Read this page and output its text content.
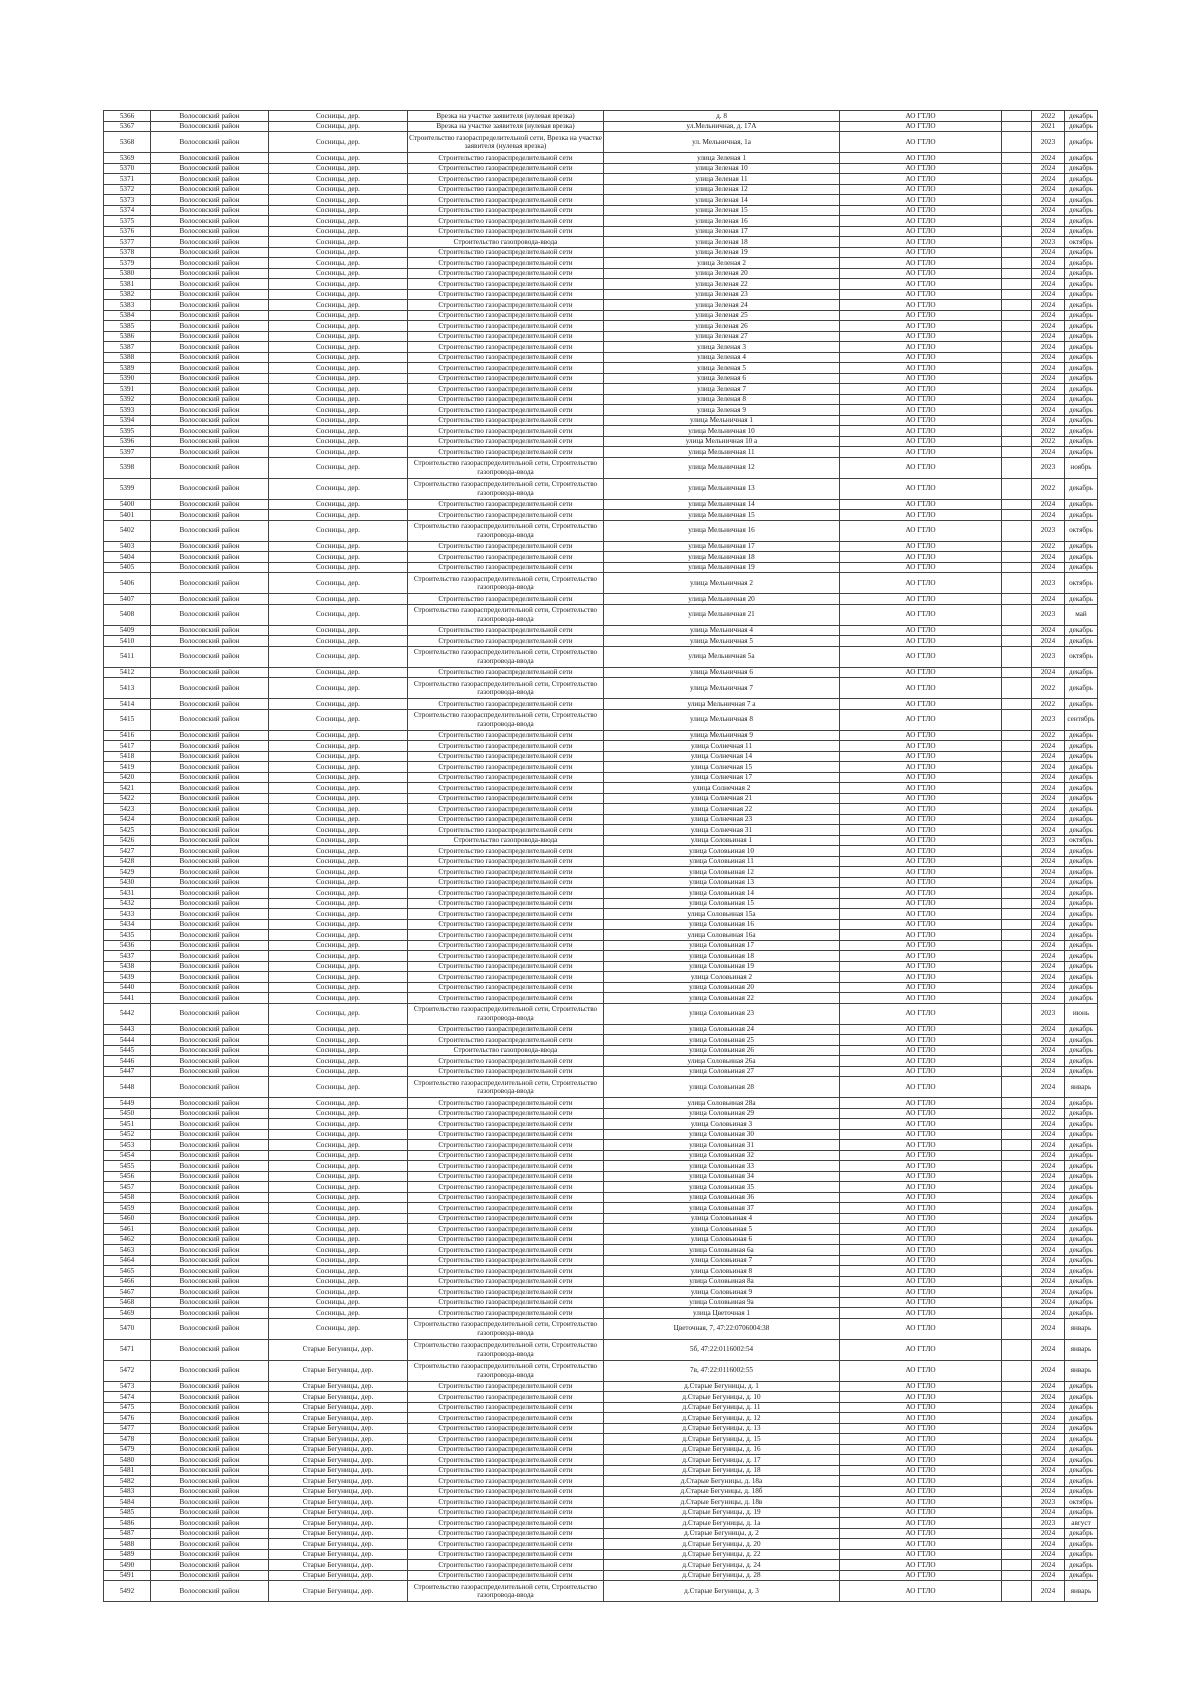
5366	Волосовский район	Сосницы, дер.	Врезка на участке заявителя (нулевая врезка)	д. 8	АО ГТЛО		2022	декабрь
5367	Волосовский район	Сосницы, дер.	Врезка на участке заявителя (нулевая врезка)	ул.Мельничная, д. 17А	АО ГТЛО		2021	декабрь
5368	Волосовский район	Сосницы, дер.	Строительство газораспределительной сети, Врезка на участке заявителя (нулевая врезка)	ул. Мельничная, 1а	АО ГТЛО		2023	декабрь
5369	Волосовский район	Сосницы, дер.	Строительство газораспределительной сети	улица Зеленая 1	АО ГТЛО		2024	декабрь
5370	Волосовский район	Сосницы, дер.	Строительство газораспределительной сети	улица Зеленая 10	АО ГТЛО		2024	декабрь
5371	Волосовский район	Сосницы, дер.	Строительство газораспределительной сети	улица Зеленая 11	АО ГТЛО		2024	декабрь
5372	Волосовский район	Сосницы, дер.	Строительство газораспределительной сети	улица Зеленая 12	АО ГТЛО		2024	декабрь
5373	Волосовский район	Сосницы, дер.	Строительство газораспределительной сети	улица Зеленая 14	АО ГТЛО		2024	декабрь
5374	Волосовский район	Сосницы, дер.	Строительство газораспределительной сети	улица Зеленая 15	АО ГТЛО		2024	декабрь
5375	Волосовский район	Сосницы, дер.	Строительство газораспределительной сети	улица Зеленая 16	АО ГТЛО		2024	декабрь
5376	Волосовский район	Сосницы, дер.	Строительство газораспределительной сети	улица Зеленая 17	АО ГТЛО		2024	декабрь
5377	Волосовский район	Сосницы, дер.	Строительство газопровода-ввода	улица Зеленая 18	АО ГТЛО		2023	октябрь
5378	Волосовский район	Сосницы, дер.	Строительство газораспределительной сети	улица Зеленая 19	АО ГТЛО		2024	декабрь
5379	Волосовский район	Сосницы, дер.	Строительство газораспределительной сети	улица Зеленая 2	АО ГТЛО		2024	декабрь
5380	Волосовский район	Сосницы, дер.	Строительство газораспределительной сети	улица Зеленая 20	АО ГТЛО		2024	декабрь
5381	Волосовский район	Сосницы, дер.	Строительство газораспределительной сети	улица Зеленая 22	АО ГТЛО		2024	декабрь
5382	Волосовский район	Сосницы, дер.	Строительство газораспределительной сети	улица Зеленая 23	АО ГТЛО		2024	декабрь
5383	Волосовский район	Сосницы, дер.	Строительство газораспределительной сети	улица Зеленая 24	АО ГТЛО		2024	декабрь
5384	Волосовский район	Сосницы, дер.	Строительство газораспределительной сети	улица Зеленая 25	АО ГТЛО		2024	декабрь
5385	Волосовский район	Сосницы, дер.	Строительство газораспределительной сети	улица Зеленая 26	АО ГТЛО		2024	декабрь
5386	Волосовский район	Сосницы, дер.	Строительство газораспределительной сети	улица Зеленая 27	АО ГТЛО		2024	декабрь
5387	Волосовский район	Сосницы, дер.	Строительство газораспределительной сети	улица Зеленая 3	АО ГТЛО		2024	декабрь
5388	Волосовский район	Сосницы, дер.	Строительство газораспределительной сети	улица Зеленая 4	АО ГТЛО		2024	декабрь
5389	Волосовский район	Сосницы, дер.	Строительство газораспределительной сети	улица Зеленая 5	АО ГТЛО		2024	декабрь
5390	Волосовский район	Сосницы, дер.	Строительство газораспределительной сети	улица Зеленая 6	АО ГТЛО		2024	декабрь
5391	Волосовский район	Сосницы, дер.	Строительство газораспределительной сети	улица Зеленая 7	АО ГТЛО		2024	декабрь
5392	Волосовский район	Сосницы, дер.	Строительство газораспределительной сети	улица Зеленая 8	АО ГТЛО		2024	декабрь
5393	Волосовский район	Сосницы, дер.	Строительство газораспределительной сети	улица Зеленая 9	АО ГТЛО		2024	декабрь
5394	Волосовский район	Сосницы, дер.	Строительство газораспределительной сети	улица Мельничная 1	АО ГТЛО		2024	декабрь
5395	Волосовский район	Сосницы, дер.	Строительство газораспределительной сети	улица Мельничная 10	АО ГТЛО		2022	декабрь
5396	Волосовский район	Сосницы, дер.	Строительство газораспределительной сети	улица Мельничная 10 а	АО ГТЛО		2022	декабрь
5397	Волосовский район	Сосницы, дер.	Строительство газораспределительной сети	улица Мельничная 11	АО ГТЛО		2024	декабрь
5398	Волосовский район	Сосницы, дер.	Строительство газораспределительной сети, Строительство газопровода-ввода	улица Мельничная 12	АО ГТЛО		2023	ноябрь
5399	Волосовский район	Сосницы, дер.	Строительство газораспределительной сети, Строительство газопровода-ввода	улица Мельничная 13	АО ГТЛО		2022	декабрь
5400	Волосовский район	Сосницы, дер.	Строительство газораспределительной сети	улица Мельничная 14	АО ГТЛО		2024	декабрь
5401	Волосовский район	Сосницы, дер.	Строительство газораспределительной сети	улица Мельничная 15	АО ГТЛО		2024	декабрь
5402	Волосовский район	Сосницы, дер.	Строительство газораспределительной сети, Строительство газопровода-ввода	улица Мельничная 16	АО ГТЛО		2023	октябрь
5403	Волосовский район	Сосницы, дер.	Строительство газораспределительной сети	улица Мельничная 17	АО ГТЛО		2022	декабрь
5404	Волосовский район	Сосницы, дер.	Строительство газораспределительной сети	улица Мельничная 18	АО ГТЛО		2024	декабрь
5405	Волосовский район	Сосницы, дер.	Строительство газораспределительной сети	улица Мельничная 19	АО ГТЛО		2024	декабрь
5406	Волосовский район	Сосницы, дер.	Строительство газораспределительной сети, Строительство газопровода-ввода	улица Мельничная 2	АО ГТЛО		2023	октябрь
5407	Волосовский район	Сосницы, дер.	Строительство газораспределительной сети	улица Мельничная 20	АО ГТЛО		2024	декабрь
5408	Волосовский район	Сосницы, дер.	Строительство газораспределительной сети, Строительство газопровода-ввода	улица Мельничная 21	АО ГТЛО		2023	май
5409	Волосовский район	Сосницы, дер.	Строительство газораспределительной сети	улица Мельничная 4	АО ГТЛО		2024	декабрь
5410	Волосовский район	Сосницы, дер.	Строительство газораспределительной сети	улица Мельничная 5	АО ГТЛО		2024	декабрь
5411	Волосовский район	Сосницы, дер.	Строительство газораспределительной сети, Строительство газопровода-ввода	улица Мельничная 5а	АО ГТЛО		2023	октябрь
5412	Волосовский район	Сосницы, дер.	Строительство газораспределительной сети	улица Мельничная 6	АО ГТЛО		2024	декабрь
5413	Волосовский район	Сосницы, дер.	Строительство газораспределительной сети, Строительство газопровода-ввода	улица Мельничная 7	АО ГТЛО		2022	декабрь
5414	Волосовский район	Сосницы, дер.	Строительство газораспределительной сети	улица Мельничная 7 а	АО ГТЛО		2022	декабрь
5415	Волосовский район	Сосницы, дер.	Строительство газораспределительной сети, Строительство газопровода-ввода	улица Мельничная 8	АО ГТЛО		2023	сентябрь
5416	Волосовский район	Сосницы, дер.	Строительство газораспределительной сети	улица Мельничная 9	АО ГТЛО		2022	декабрь
5417	Волосовский район	Сосницы, дер.	Строительство газораспределительной сети	улица Солнечная 11	АО ГТЛО		2024	декабрь
5418	Волосовский район	Сосницы, дер.	Строительство газораспределительной сети	улица Солнечная 14	АО ГТЛО		2024	декабрь
5419	Волосовский район	Сосницы, дер.	Строительство газораспределительной сети	улица Солнечная 15	АО ГТЛО		2024	декабрь
5420	Волосовский район	Сосницы, дер.	Строительство газораспределительной сети	улица Солнечная 17	АО ГТЛО		2024	декабрь
5421	Волосовский район	Сосницы, дер.	Строительство газораспределительной сети	улица Солнечная 2	АО ГТЛО		2024	декабрь
5422	Волосовский район	Сосницы, дер.	Строительство газораспределительной сети	улица Солнечная 21	АО ГТЛО		2024	декабрь
5423	Волосовский район	Сосницы, дер.	Строительство газораспределительной сети	улица Солнечная 22	АО ГТЛО		2024	декабрь
5424	Волосовский район	Сосницы, дер.	Строительство газораспределительной сети	улица Солнечная 23	АО ГТЛО		2024	декабрь
5425	Волосовский район	Сосницы, дер.	Строительство газораспределительной сети	улица Солнечная 31	АО ГТЛО		2024	декабрь
5426	Волосовский район	Сосницы, дер.	Строительство газопровода-ввода	улица Соловьиная 1	АО ГТЛО		2023	октябрь
5427	Волосовский район	Сосницы, дер.	Строительство газораспределительной сети	улица Соловьиная 10	АО ГТЛО		2024	декабрь
5428	Волосовский район	Сосницы, дер.	Строительство газораспределительной сети	улица Соловьиная 11	АО ГТЛО		2024	декабрь
5429	Волосовский район	Сосницы, дер.	Строительство газораспределительной сети	улица Соловьиная 12	АО ГТЛО		2024	декабрь
5430	Волосовский район	Сосницы, дер.	Строительство газораспределительной сети	улица Соловьиная 13	АО ГТЛО		2024	декабрь
5431	Волосовский район	Сосницы, дер.	Строительство газораспределительной сети	улица Соловьиная 14	АО ГТЛО		2024	декабрь
5432	Волосовский район	Сосницы, дер.	Строительство газораспределительной сети	улица Соловьиная 15	АО ГТЛО		2024	декабрь
5433	Волосовский район	Сосницы, дер.	Строительство газораспределительной сети	улица Соловьиная 15а	АО ГТЛО		2024	декабрь
5434	Волосовский район	Сосницы, дер.	Строительство газораспределительной сети	улица Соловьиная 16	АО ГТЛО		2024	декабрь
5435	Волосовский район	Сосницы, дер.	Строительство газораспределительной сети	улица Соловьиная 16а	АО ГТЛО		2024	декабрь
5436	Волосовский район	Сосницы, дер.	Строительство газораспределительной сети	улица Соловьиная 17	АО ГТЛО		2024	декабрь
5437	Волосовский район	Сосницы, дер.	Строительство газораспределительной сети	улица Соловьиная 18	АО ГТЛО		2024	декабрь
5438	Волосовский район	Сосницы, дер.	Строительство газораспределительной сети	улица Соловьиная 19	АО ГТЛО		2024	декабрь
5439	Волосовский район	Сосницы, дер.	Строительство газораспределительной сети	улица Соловьиная 2	АО ГТЛО		2024	декабрь
5440	Волосовский район	Сосницы, дер.	Строительство газораспределительной сети	улица Соловьиная 20	АО ГТЛО		2024	декабрь
5441	Волосовский район	Сосницы, дер.	Строительство газораспределительной сети	улица Соловьиная 22	АО ГТЛО		2024	декабрь
5442	Волосовский район	Сосницы, дер.	Строительство газораспределительной сети, Строительство газопровода-ввода	улица Соловьиная 23	АО ГТЛО		2023	июнь
5443	Волосовский район	Сосницы, дер.	Строительство газораспределительной сети	улица Соловьиная 24	АО ГТЛО		2024	декабрь
5444	Волосовский район	Сосницы, дер.	Строительство газораспределительной сети	улица Соловьиная 25	АО ГТЛО		2024	декабрь
5445	Волосовский район	Сосницы, дер.	Строительство газопровода-ввода	улица Соловьиная 26	АО ГТЛО		2024	декабрь
5446	Волосовский район	Сосницы, дер.	Строительство газораспределительной сети	улица Соловьиная 26а	АО ГТЛО		2024	декабрь
5447	Волосовский район	Сосницы, дер.	Строительство газораспределительной сети	улица Соловьиная 27	АО ГТЛО		2024	декабрь
5448	Волосовский район	Сосницы, дер.	Строительство газораспределительной сети, Строительство газопровода-ввода	улица Соловьиная 28	АО ГТЛО		2024	январь
5449	Волосовский район	Сосницы, дер.	Строительство газораспределительной сети	улица Соловьиная 28а	АО ГТЛО		2024	декабрь
5450	Волосовский район	Сосницы, дер.	Строительство газораспределительной сети	улица Соловьиная 29	АО ГТЛО		2022	декабрь
5451	Волосовский район	Сосницы, дер.	Строительство газораспределительной сети	улица Соловьиная 3	АО ГТЛО		2024	декабрь
5452	Волосовский район	Сосницы, дер.	Строительство газораспределительной сети	улица Соловьиная 30	АО ГТЛО		2024	декабрь
5453	Волосовский район	Сосницы, дер.	Строительство газораспределительной сети	улица Соловьиная 31	АО ГТЛО		2024	декабрь
5454	Волосовский район	Сосницы, дер.	Строительство газораспределительной сети	улица Соловьиная 32	АО ГТЛО		2024	декабрь
5455	Волосовский район	Сосницы, дер.	Строительство газораспределительной сети	улица Соловьиная 33	АО ГТЛО		2024	декабрь
5456	Волосовский район	Сосницы, дер.	Строительство газораспределительной сети	улица Соловьиная 34	АО ГТЛО		2024	декабрь
5457	Волосовский район	Сосницы, дер.	Строительство газораспределительной сети	улица Соловьиная 35	АО ГТЛО		2024	декабрь
5458	Волосовский район	Сосницы, дер.	Строительство газораспределительной сети	улица Соловьиная 36	АО ГТЛО		2024	декабрь
5459	Волосовский район	Сосницы, дер.	Строительство газораспределительной сети	улица Соловьиная 37	АО ГТЛО		2024	декабрь
5460	Волосовский район	Сосницы, дер.	Строительство газораспределительной сети	улица Соловьиная 4	АО ГТЛО		2024	декабрь
5461	Волосовский район	Сосницы, дер.	Строительство газораспределительной сети	улица Соловьиная 5	АО ГТЛО		2024	декабрь
5462	Волосовский район	Сосницы, дер.	Строительство газораспределительной сети	улица Соловьиная 6	АО ГТЛО		2024	декабрь
5463	Волосовский район	Сосницы, дер.	Строительство газораспределительной сети	улица Соловьиная 6а	АО ГТЛО		2024	декабрь
5464	Волосовский район	Сосницы, дер.	Строительство газораспределительной сети	улица Соловьиная 7	АО ГТЛО		2024	декабрь
5465	Волосовский район	Сосницы, дер.	Строительство газораспределительной сети	улица Соловьиная 8	АО ГТЛО		2024	декабрь
5466	Волосовский район	Сосницы, дер.	Строительство газораспределительной сети	улица Соловьиная 8а	АО ГТЛО		2024	декабрь
5467	Волосовский район	Сосницы, дер.	Строительство газораспределительной сети	улица Соловьиная 9	АО ГТЛО		2024	декабрь
5468	Волосовский район	Сосницы, дер.	Строительство газораспределительной сети	улица Соловьиная 9а	АО ГТЛО		2024	декабрь
5469	Волосовский район	Сосницы, дер.	Строительство газораспределительной сети	улица Цветочная 1	АО ГТЛО		2024	декабрь
5470	Волосовский район	Сосницы, дер.	Строительство газораспределительной сети, Строительство газопровода-ввода	Цветочная, 7, 47:22:0706004:38	АО ГТЛО		2024	январь
5471	Волосовский район	Старые Бегуницы, дер.	Строительство газораспределительной сети, Строительство газопровода-ввода	5б, 47:22:0116002:54	АО ГТЛО		2024	январь
5472	Волосовский район	Старые Бегуницы, дер.	Строительство газораспределительной сети, Строительство газопровода-ввода	7в, 47:22:0116002:55	АО ГТЛО		2024	январь
5473	Волосовский район	Старые Бегуницы, дер.	Строительство газораспределительной сети	д.Старые Бегуницы, д. 1	АО ГТЛО		2024	декабрь
5474	Волосовский район	Старые Бегуницы, дер.	Строительство газораспределительной сети	д.Старые Бегуницы, д. 10	АО ГТЛО		2024	декабрь
5475	Волосовский район	Старые Бегуницы, дер.	Строительство газораспределительной сети	д.Старые Бегуницы, д. 11	АО ГТЛО		2024	декабрь
5476	Волосовский район	Старые Бегуницы, дер.	Строительство газораспределительной сети	д.Старые Бегуницы, д. 12	АО ГТЛО		2024	декабрь
5477	Волосовский район	Старые Бегуницы, дер.	Строительство газораспределительной сети	д.Старые Бегуницы, д. 13	АО ГТЛО		2024	декабрь
5478	Волосовский район	Старые Бегуницы, дер.	Строительство газораспределительной сети	д.Старые Бегуницы, д. 15	АО ГТЛО		2024	декабрь
5479	Волосовский район	Старые Бегуницы, дер.	Строительство газораспределительной сети	д.Старые Бегуницы, д. 16	АО ГТЛО		2024	декабрь
5480	Волосовский район	Старые Бегуницы, дер.	Строительство газораспределительной сети	д.Старые Бегуницы, д. 17	АО ГТЛО		2024	декабрь
5481	Волосовский район	Старые Бегуницы, дер.	Строительство газораспределительной сети	д.Старые Бегуницы, д. 18	АО ГТЛО		2024	декабрь
5482	Волосовский район	Старые Бегуницы, дер.	Строительство газораспределительной сети	д.Старые Бегуницы, д. 18а	АО ГТЛО		2024	декабрь
5483	Волосовский район	Старые Бегуницы, дер.	Строительство газораспределительной сети	д.Старые Бегуницы, д. 18б	АО ГТЛО		2024	декабрь
5484	Волосовский район	Старые Бегуницы, дер.	Строительство газораспределительной сети	д.Старые Бегуницы, д. 18в	АО ГТЛО		2023	октябрь
5485	Волосовский район	Старые Бегуницы, дер.	Строительство газораспределительной сети	д.Старые Бегуницы, д. 19	АО ГТЛО		2024	декабрь
5486	Волосовский район	Старые Бегуницы, дер.	Строительство газораспределительной сети	д.Старые Бегуницы, д. 1а	АО ГТЛО		2023	август
5487	Волосовский район	Старые Бегуницы, дер.	Строительство газораспределительной сети	д.Старые Бегуницы, д. 2	АО ГТЛО		2024	декабрь
5488	Волосовский район	Старые Бегуницы, дер.	Строительство газораспределительной сети	д.Старые Бегуницы, д. 20	АО ГТЛО		2024	декабрь
5489	Волосовский район	Старые Бегуницы, дер.	Строительство газораспределительной сети	д.Старые Бегуницы, д. 22	АО ГТЛО		2024	декабрь
5490	Волосовский район	Старые Бегуницы, дер.	Строительство газораспределительной сети	д.Старые Бегуницы, д. 24	АО ГТЛО		2024	декабрь
5491	Волосовский район	Старые Бегуницы, дер.	Строительство газораспределительной сети	д.Старые Бегуницы, д. 28	АО ГТЛО		2024	декабрь
5492	Волосовский район	Старые Бегуницы, дер.	Строительство газораспределительной сети, Строительство газопровода-ввода	д.Старые Бегуницы, д. 3	АО ГТЛО		2024	январь
